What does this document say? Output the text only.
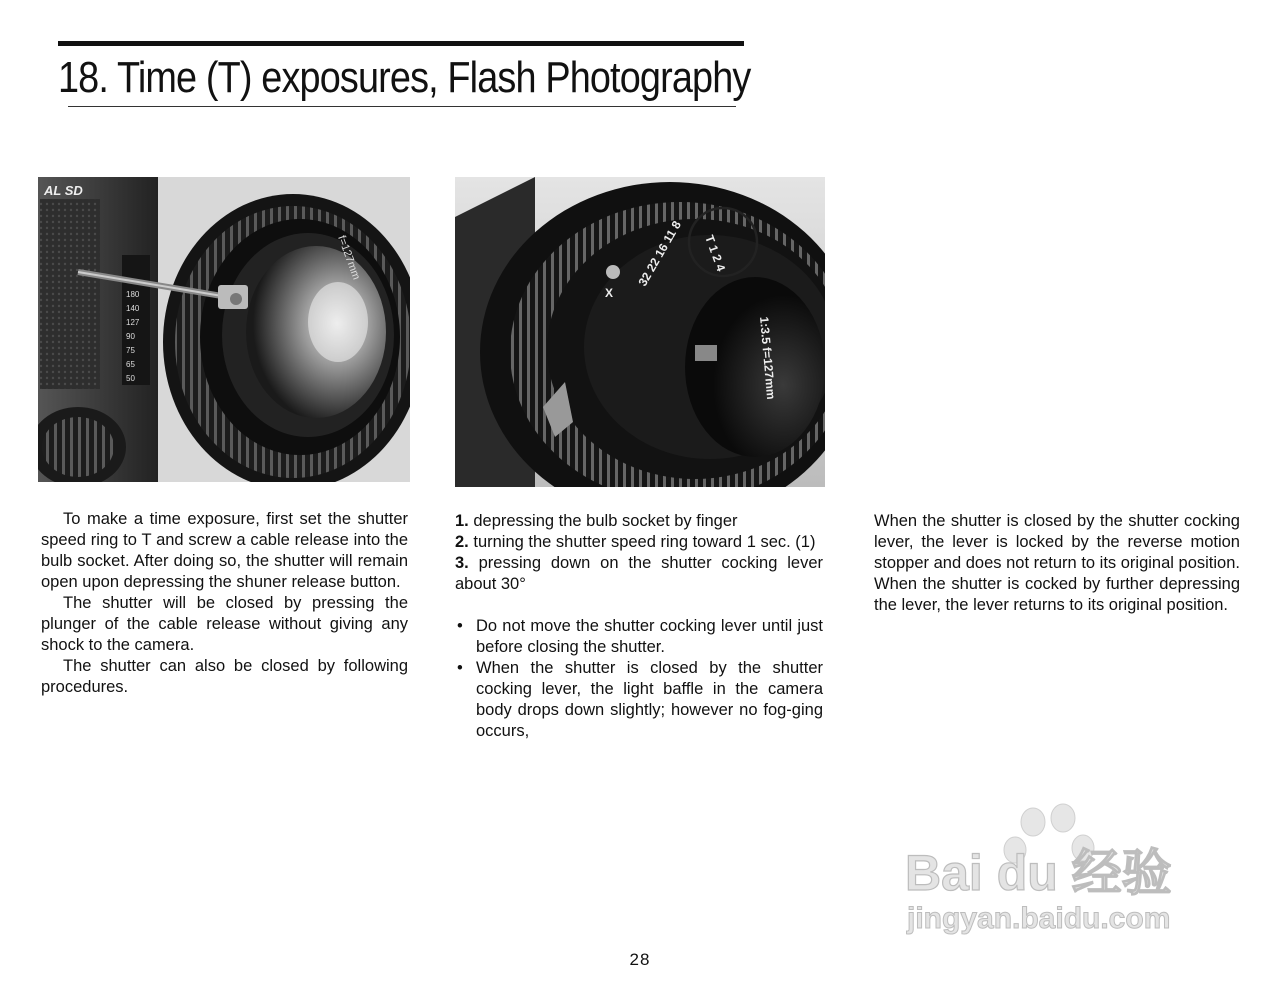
18. Time (T) exposures, Flash Photography
180
140
127
90
75
65
50
AL SD
f=127mm	32 22 16 11 8 T 1 2 4
1:3.5 f=127mm
X

To make a time exposure, first set the shutter speed ring to T and screw a cable release into the bulb socket. After doing so, the shutter will remain open upon depressing the shuner release button.

The shutter will be closed by pressing the plunger of the cable release without giving any shock to the camera.

The shutter can also be closed by following procedures.

1. depressing the bulb socket by finger

2. turning the shutter speed ring toward 1 sec. (1)

3. pressing down on the shutter cocking lever about 30°

• Do not move the shutter cocking lever until just before closing the shutter.

• When the shutter is closed by the shutter cocking lever, the light baffle in the camera body drops down slightly; however no fog-ging occurs,

When the shutter is closed by the shutter cocking lever, the lever is locked by the reverse motion stopper and does not return to its original position. When the shutter is cocked by further depressing the lever, the lever returns to its original position.

28
Bai du 经验
jingyan.baidu.com
